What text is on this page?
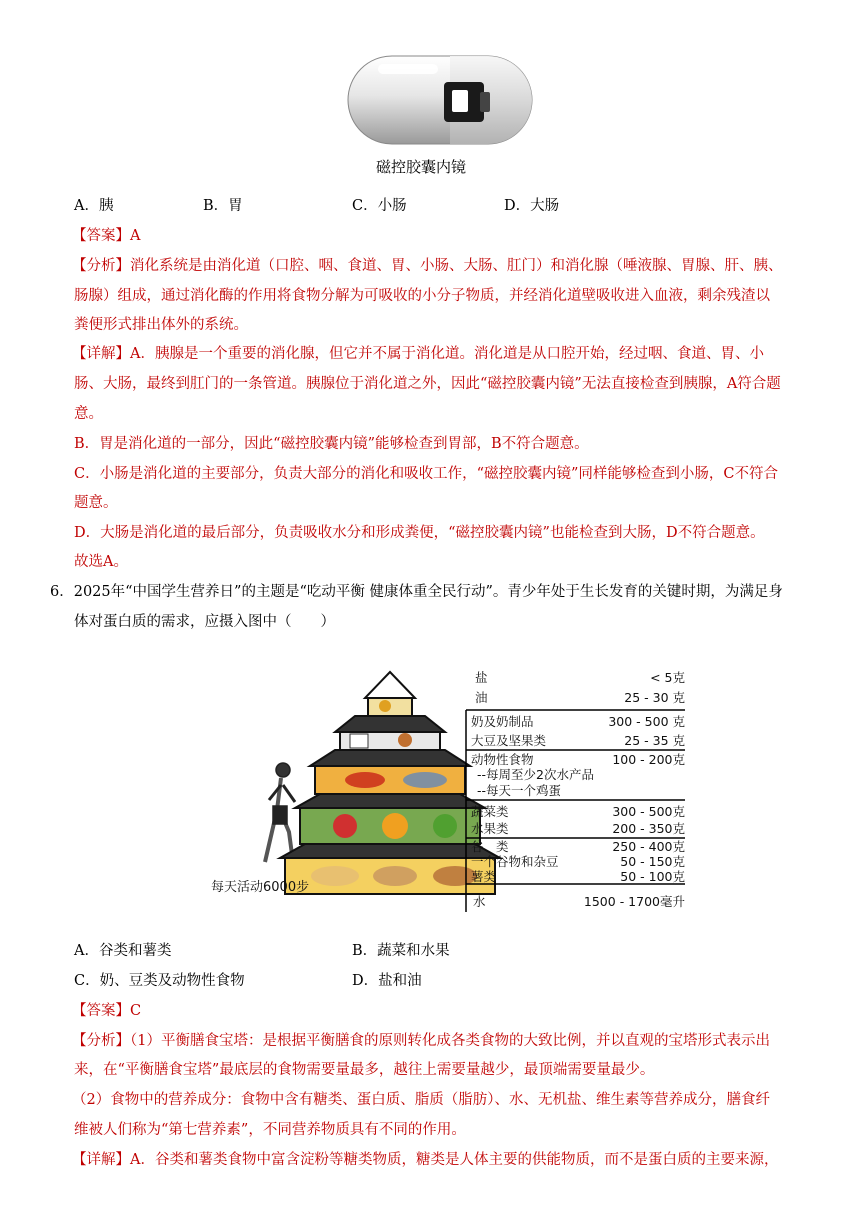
磁控胶囊内镜
A．胰	B．胃	C．小肠	D．大肠
【答案】A
【分析】消化系统是由消化道（口腔、咽、食道、胃、小肠、大肠、肛门）和消化腺（唾液腺、胃腺、肝、胰、
肠腺）组成，通过消化酶的作用将食物分解为可吸收的小分子物质，并经消化道壁吸收进入血液，剩余残渣以
粪便形式排出体外的系统。
【详解】A．胰腺是一个重要的消化腺，但它并不属于消化道。消化道是从口腔开始，经过咽、食道、胃、小
肠、大肠，最终到肛门的一条管道。胰腺位于消化道之外，因此“磁控胶囊内镜”无法直接检查到胰腺，A符合题
意。
B．胃是消化道的一部分，因此“磁控胶囊内镜”能够检查到胃部，B不符合题意。
C．小肠是消化道的主要部分，负责大部分的消化和吸收工作，“磁控胶囊内镜”同样能够检查到小肠，C不符合
题意。
D．大肠是消化道的最后部分，负责吸收水分和形成粪便，“磁控胶囊内镜”也能检查到大肠，D不符合题意。
故选A。
6．2025年“中国学生营养日”的主题是“吃动平衡 健康体重全民行动”。青少年处于生长发育的关键时期，为满足身
体对蛋白质的需求，应摄入图中（　　）
每天活动6000步
盐	< 5克
油	25 - 30 克
奶及奶制品	300 - 500 克
大豆及坚果类	25 - 35 克
动物性食物	100 - 200克
--每周至少2次水产品
--每天一个鸡蛋
蔬菜类	300 - 500克
水果类	200 - 350克
谷　类	250 - 400克
一个谷物和杂豆	50 - 150克
薯类	50 - 100克
水	1500 - 1700毫升
A．谷类和薯类	B．蔬菜和水果
C．奶、豆类及动物性食物	D．盐和油
【答案】C
【分析】（1）平衡膳食宝塔：是根据平衡膳食的原则转化成各类食物的大致比例，并以直观的宝塔形式表示出
来，在“平衡膳食宝塔”最底层的食物需要量最多，越往上需要量越少，最顶端需要量最少。
（2）食物中的营养成分：食物中含有糖类、蛋白质、脂质（脂肪）、水、无机盐、维生素等营养成分，膳食纤
维被人们称为“第七营养素”，不同营养物质具有不同的作用。
【详解】A．谷类和薯类食物中富含淀粉等糖类物质，糖类是人体主要的供能物质，而不是蛋白质的主要来源，
